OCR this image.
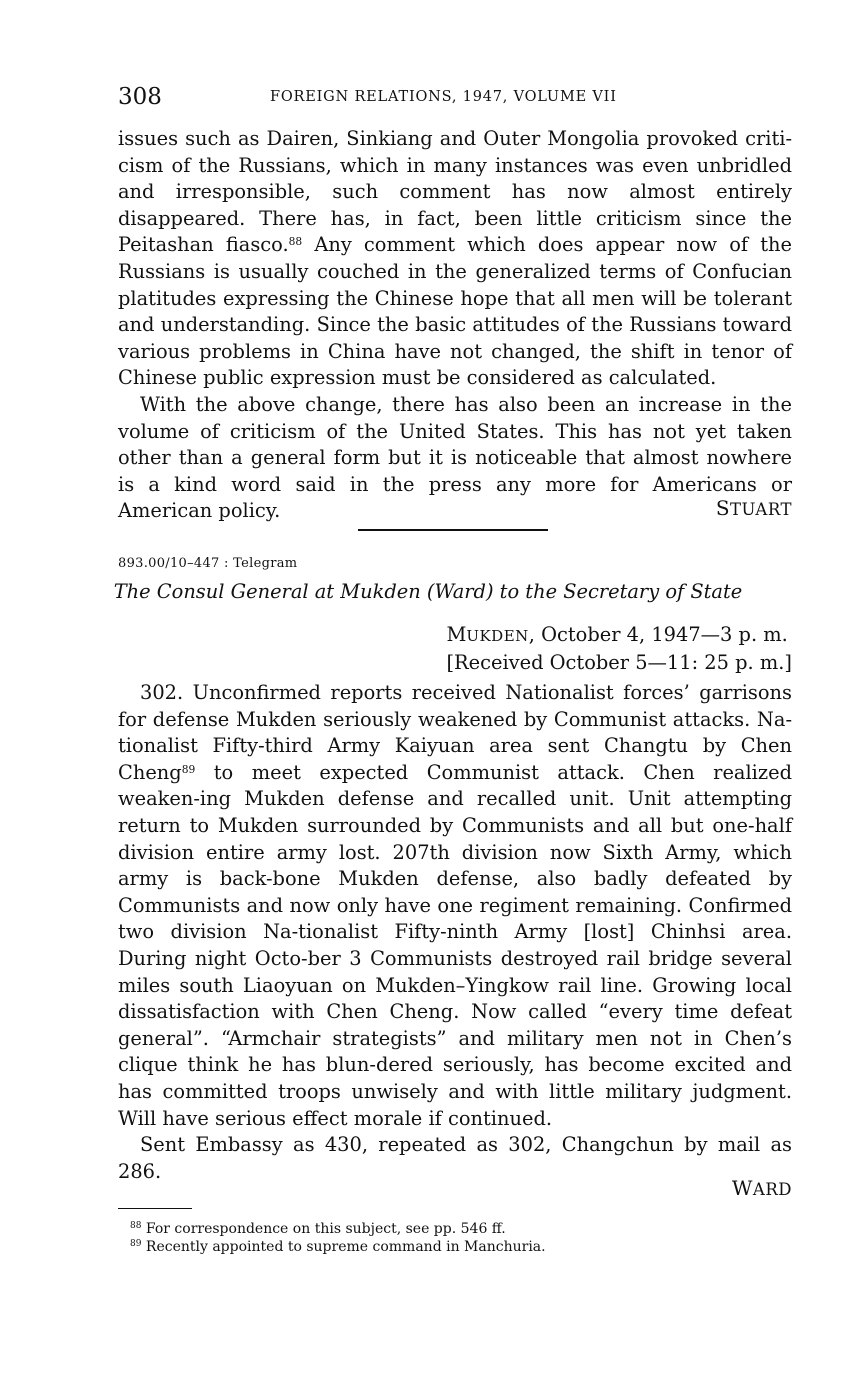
308	FOREIGN RELATIONS, 1947, VOLUME VII

issues such as Dairen, Sinkiang and Outer Mongolia provoked criti-cism of the Russians, which in many instances was even unbridled and irresponsible, such comment has now almost entirely disappeared. There has, in fact, been little criticism since the Peitashan fiasco.$^{88}$ Any comment which does appear now of the Russians is usually couched in the generalized terms of Confucian platitudes expressing the Chinese hope that all men will be tolerant and understanding. Since the basic attitudes of the Russians toward various problems in China have not changed, the shift in tenor of Chinese public expression must be considered as calculated.

With the above change, there has also been an increase in the volume of criticism of the United States. This has not yet taken other than a general form but it is noticeable that almost nowhere is a kind word said in the press any more for Americans or American policy.	STUART
893.00/10–447 : Telegram
The Consul General at Mukden (Ward) to the Secretary of State
MUKDEN, October 4, 1947—3 p. m.
[Received October 5—11: 25 p. m.]

302. Unconfirmed reports received Nationalist forces’ garrisons for defense Mukden seriously weakened by Communist attacks. Na-tionalist Fifty-third Army Kaiyuan area sent Changtu by Chen Cheng$^{89}$ to meet expected Communist attack. Chen realized weaken-ing Mukden defense and recalled unit. Unit attempting return to Mukden surrounded by Communists and all but one-half division entire army lost. 207th division now Sixth Army, which army is back-bone Mukden defense, also badly defeated by Communists and now only have one regiment remaining. Confirmed two division Na-tionalist Fifty-ninth Army [lost] Chinhsi area. During night Octo-ber 3 Communists destroyed rail bridge several miles south Liaoyuan on Mukden–Yingkow rail line. Growing local dissatisfaction with Chen Cheng. Now called “every time defeat general”. “Armchair strategists” and military men not in Chen’s clique think he has blun-dered seriously, has become excited and has committed troops unwisely and with little military judgment. Will have serious effect morale if continued.

Sent Embassy as 430, repeated as 302, Changchun by mail as 286.

WARD
$^{88}$ For correspondence on this subject, see pp. 546 ff.
$^{89}$ Recently appointed to supreme command in Manchuria.
